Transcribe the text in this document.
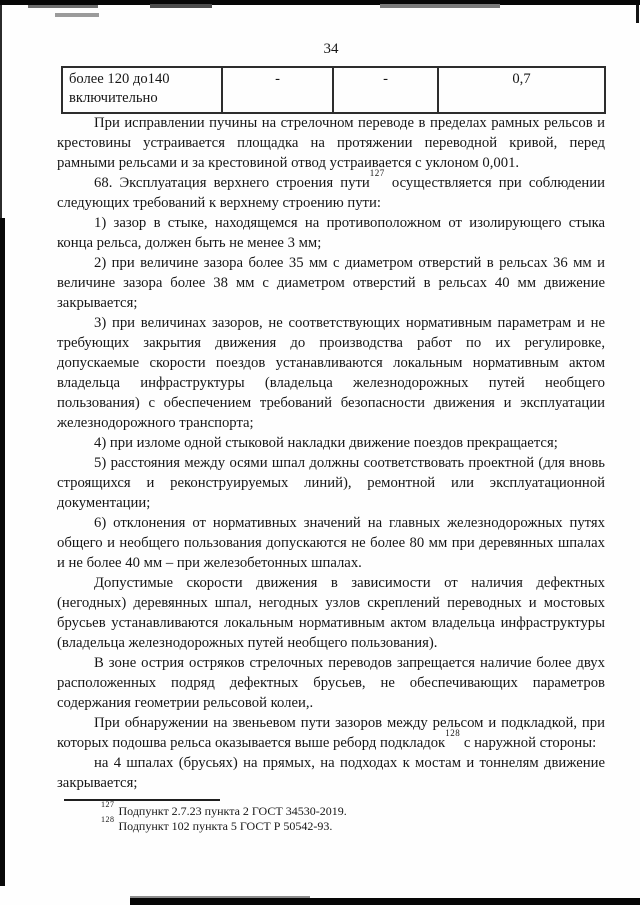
34
более 120 до140 включительно	-	-	0,7

При исправлении пучины на стрелочном переводе в пределах рамных рельсов и крестовины устраивается площадка на протяжении переводной кривой, перед рамными рельсами и за крестовиной отвод устраивается с уклоном 0,001.

68. Эксплуатация верхнего строения пути$^{127}$ осуществляется при соблюдении следующих требований к верхнему строению пути:

1) зазор в стыке, находящемся на противоположном от изолирующего стыка конца рельса, должен быть не менее 3 мм;

2) при величине зазора более 35 мм с диаметром отверстий в рельсах 36 мм и величине зазора более 38 мм с диаметром отверстий в рельсах 40 мм движение закрывается;

3) при величинах зазоров, не соответствующих нормативным параметрам и не требующих закрытия движения до производства работ по их регулировке, допускаемые скорости поездов устанавливаются локальным нормативным актом владельца инфраструктуры (владельца железнодорожных путей необщего пользования) с обеспечением требований безопасности движения и эксплуатации железнодорожного транспорта;

4) при изломе одной стыковой накладки движение поездов прекращается;

5) расстояния между осями шпал должны соответствовать проектной (для вновь строящихся и реконструируемых линий), ремонтной или эксплуатационной документации;

6) отклонения от нормативных значений на главных железнодорожных путях общего и необщего пользования допускаются не более 80 мм при деревянных шпалах и не более 40 мм – при железобетонных шпалах.

Допустимые скорости движения в зависимости от наличия дефектных (негодных) деревянных шпал, негодных узлов скреплений переводных и мостовых брусьев устанавливаются локальным нормативным актом владельца инфраструктуры (владельца железнодорожных путей необщего пользования).

В зоне острия остряков стрелочных переводов запрещается наличие более двух расположенных подряд дефектных брусьев, не обеспечивающих параметров содержания геометрии рельсовой колеи,.

При обнаружении на звеньевом пути зазоров между рельсом и подкладкой, при которых подошва рельса оказывается выше реборд подкладок$^{128}$ с наружной стороны:

на 4 шпалах (брусьях) на прямых, на подходах к мостам и тоннелям движение закрывается;

$^{127}$ Подпункт 2.7.23 пункта 2 ГОСТ 34530-2019.

$^{128}$ Подпункт 102 пункта 5 ГОСТ Р 50542-93.
